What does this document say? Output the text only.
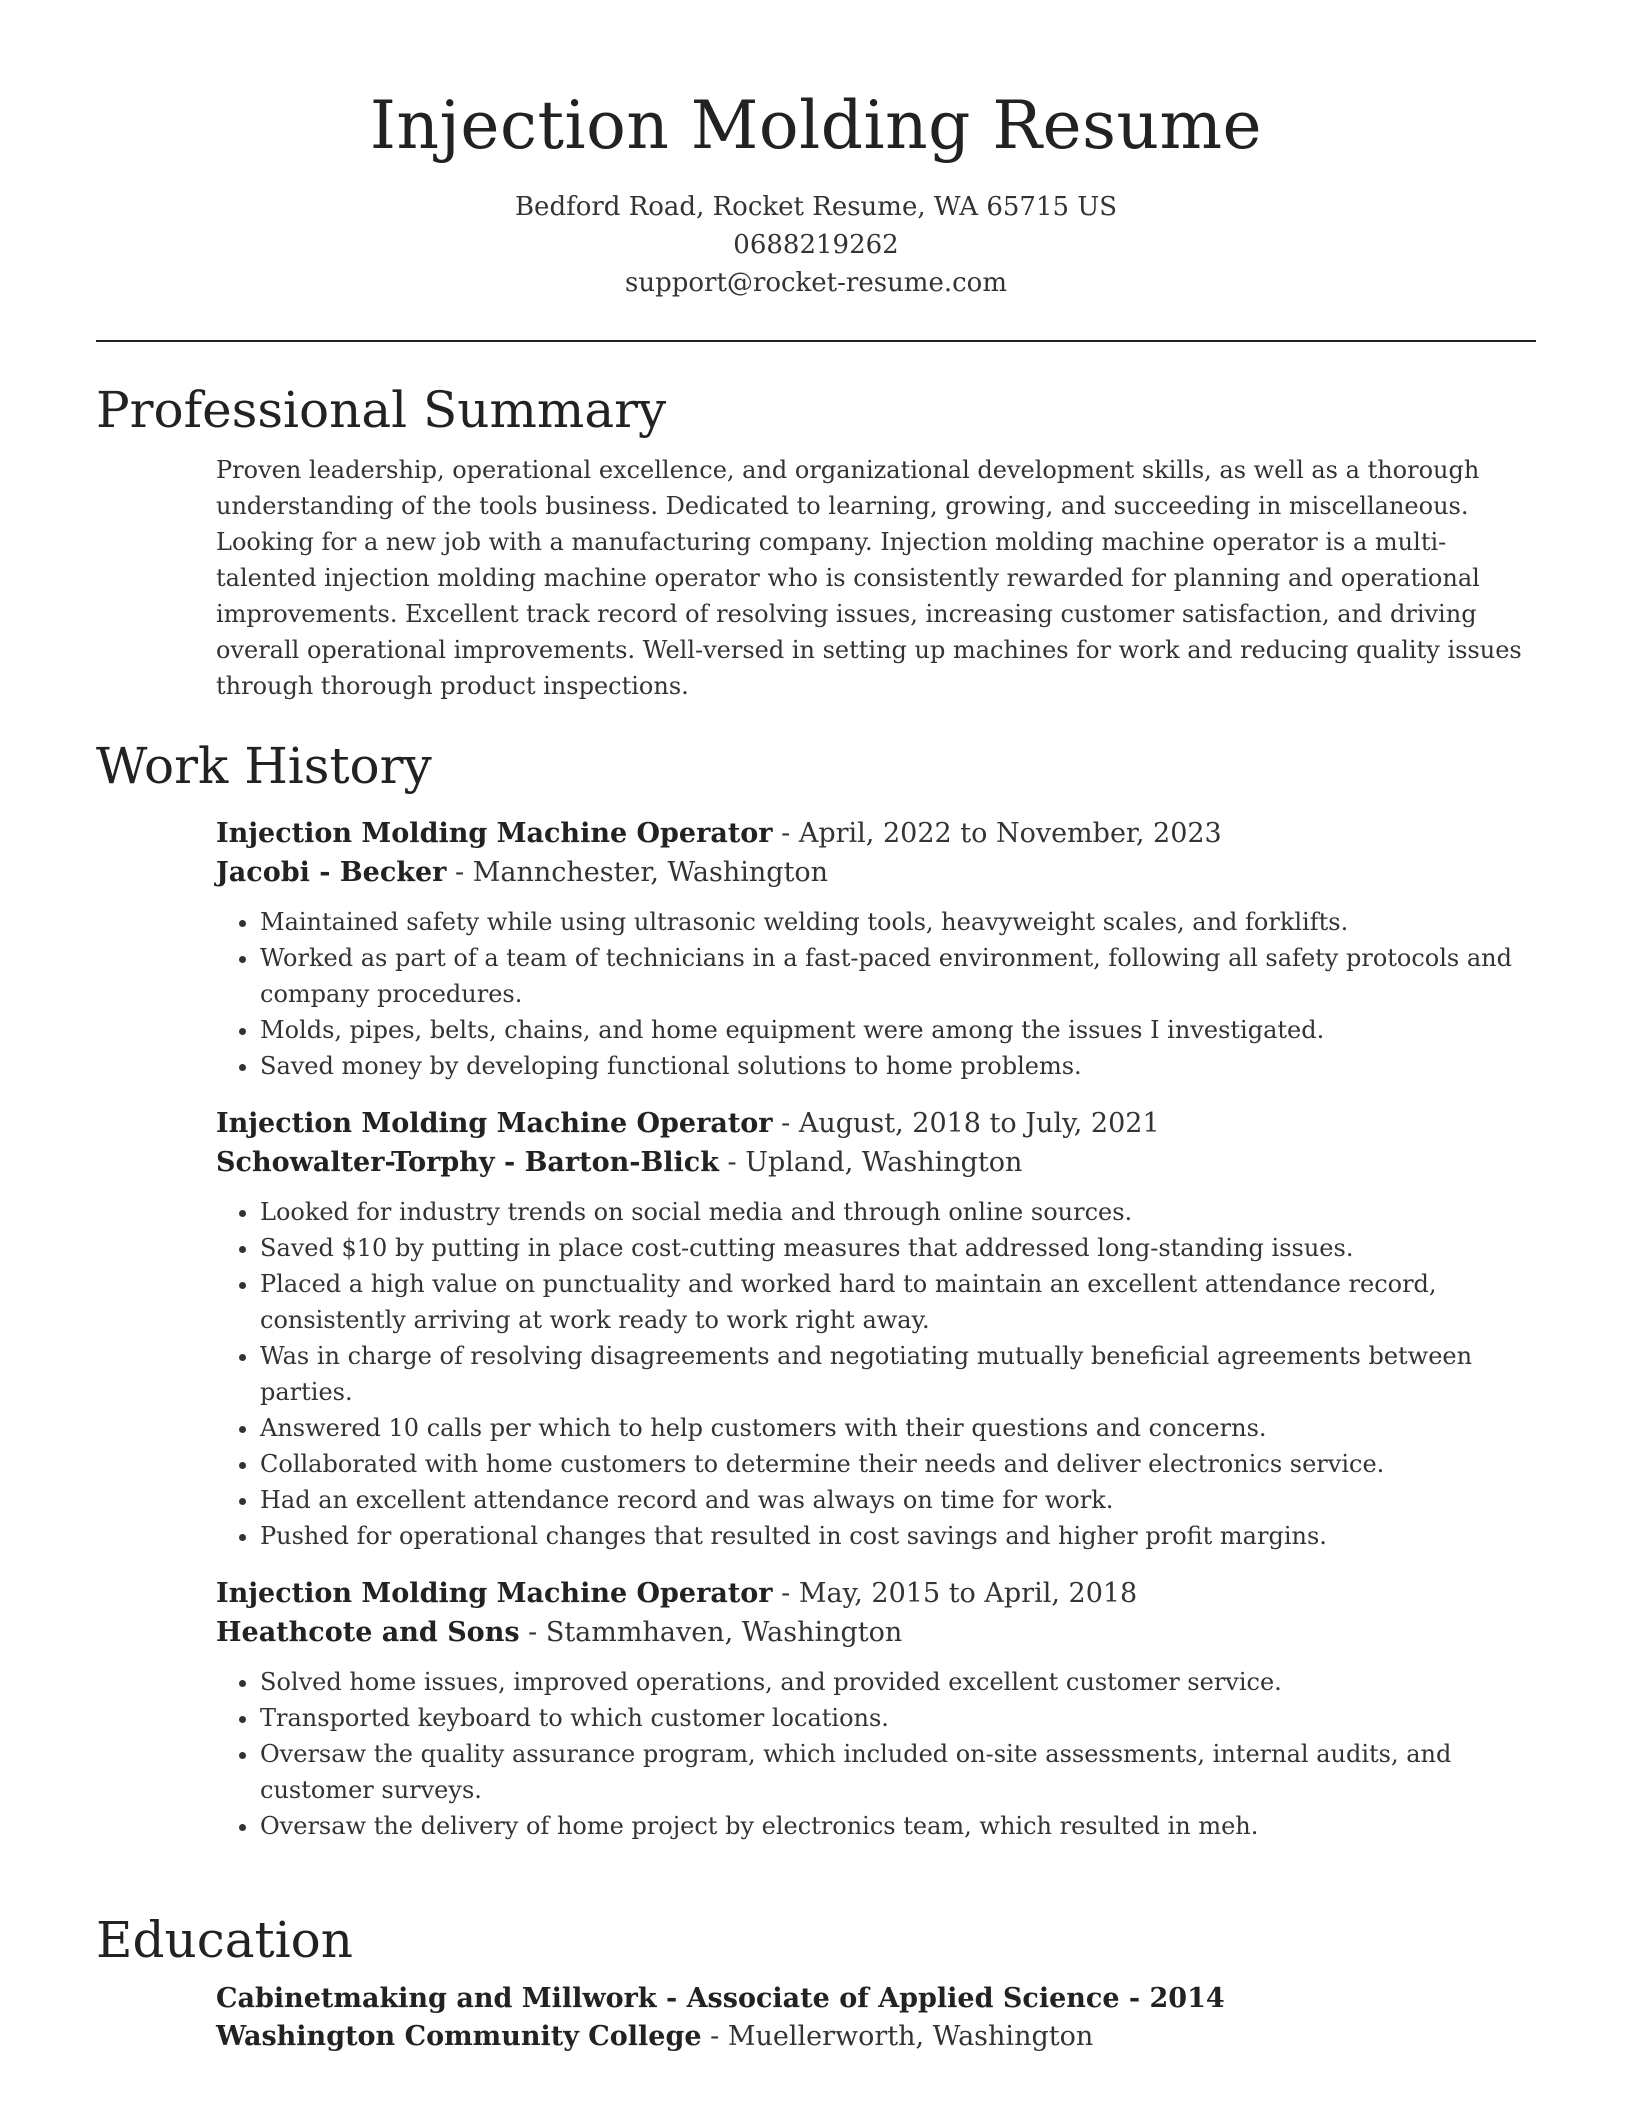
Injection Molding Resume
Bedford Road, Rocket Resume, WA 65715 US
0688219262
support@rocket-resume.com
Professional Summary
Proven leadership, operational excellence, and organizational development skills, as well as a thorough understanding of the tools business. Dedicated to learning, growing, and succeeding in miscellaneous. Looking for a new job with a manufacturing company. Injection molding machine operator is a multi-talented injection molding machine operator who is consistently rewarded for planning and operational improvements. Excellent track record of resolving issues, increasing customer satisfaction, and driving overall operational improvements. Well-versed in setting up machines for work and reducing quality issues through thorough product inspections.
Work History
Injection Molding Machine Operator - April, 2022 to November, 2023
Jacobi - Becker - Mannchester, Washington
• Maintained safety while using ultrasonic welding tools, heavyweight scales, and forklifts.
• Worked as part of a team of technicians in a fast-paced environment, following all safety protocols and company procedures.
• Molds, pipes, belts, chains, and home equipment were among the issues I investigated.
• Saved money by developing functional solutions to home problems.
Injection Molding Machine Operator - August, 2018 to July, 2021
Schowalter-Torphy - Barton-Blick - Upland, Washington
• Looked for industry trends on social media and through online sources.
• Saved $10 by putting in place cost-cutting measures that addressed long-standing issues.
• Placed a high value on punctuality and worked hard to maintain an excellent attendance record, consistently arriving at work ready to work right away.
• Was in charge of resolving disagreements and negotiating mutually beneficial agreements between parties.
• Answered 10 calls per which to help customers with their questions and concerns.
• Collaborated with home customers to determine their needs and deliver electronics service.
• Had an excellent attendance record and was always on time for work.
• Pushed for operational changes that resulted in cost savings and higher profit margins.
Injection Molding Machine Operator - May, 2015 to April, 2018
Heathcote and Sons - Stammhaven, Washington
• Solved home issues, improved operations, and provided excellent customer service.
• Transported keyboard to which customer locations.
• Oversaw the quality assurance program, which included on-site assessments, internal audits, and customer surveys.
• Oversaw the delivery of home project by electronics team, which resulted in meh.
Education
Cabinetmaking and Millwork - Associate of Applied Science - 2014
Washington Community College - Muellerworth, Washington
